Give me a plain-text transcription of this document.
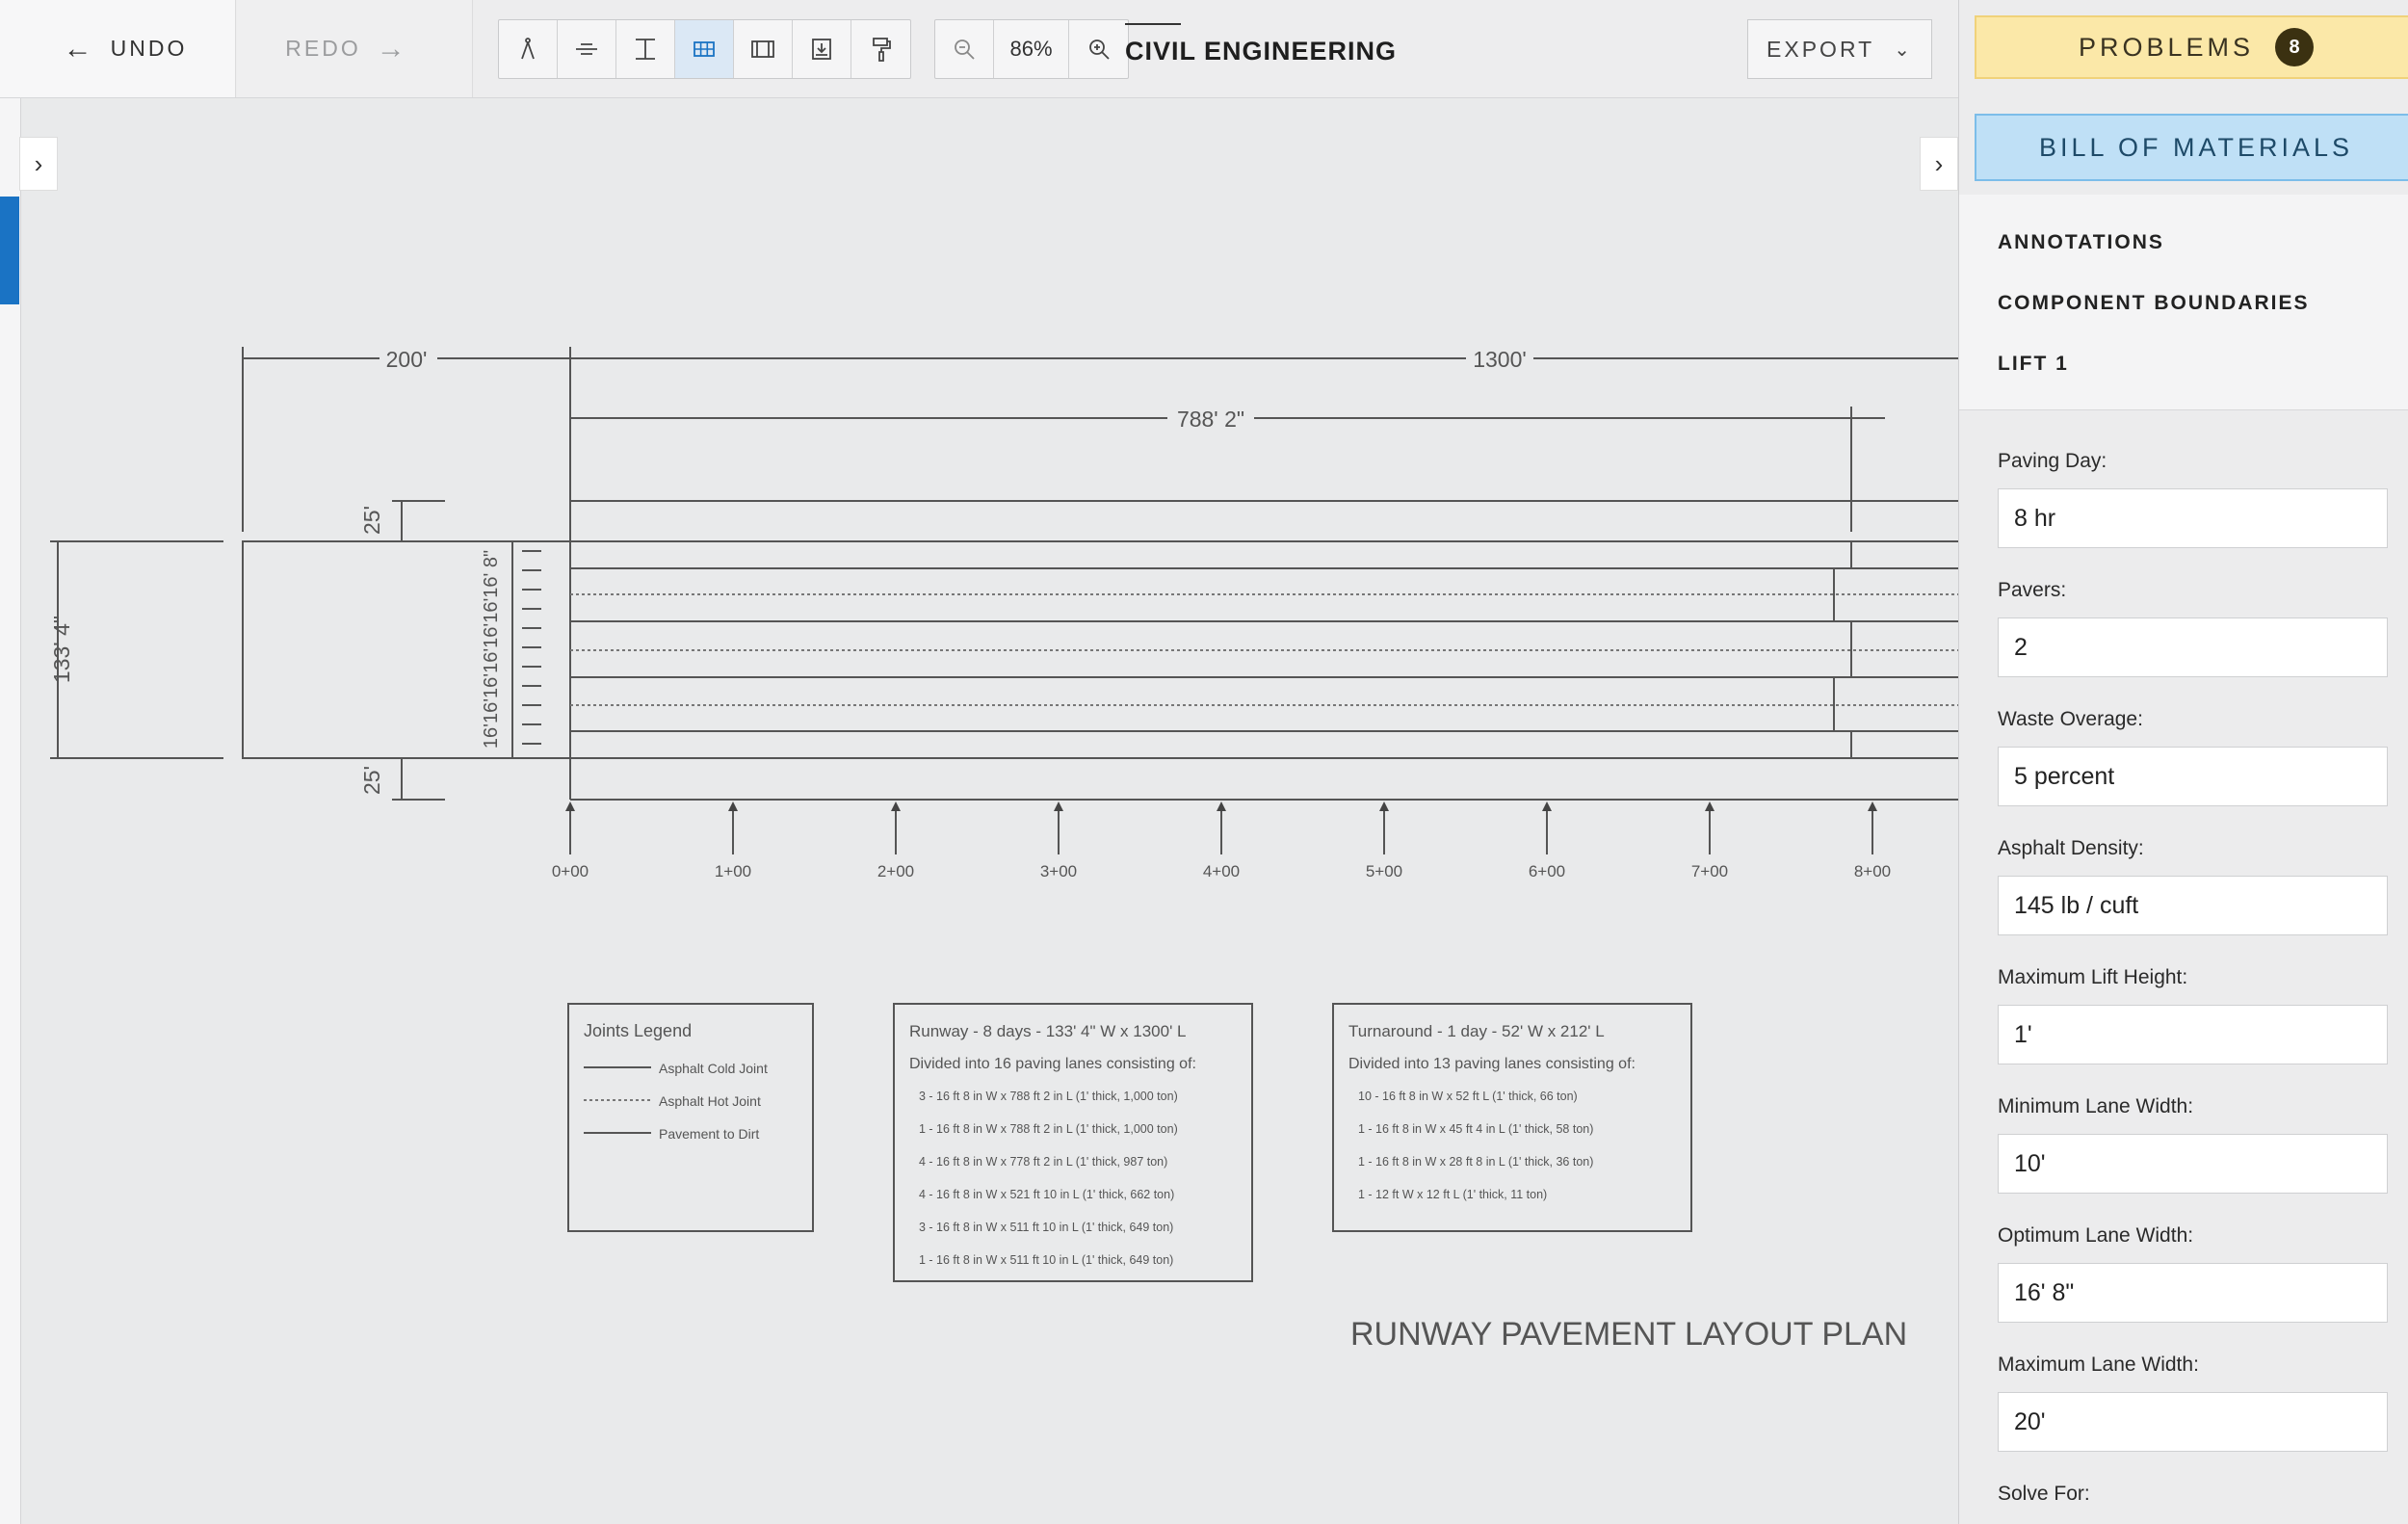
← UNDO	REDO →	86%	CIVIL ENGINEERING	EXPORT ⌄
›
200'	1300'
788' 2"
133' 4"
25'
25'
16'16'16'16'16'16'16' 8"
0+00	1+00	2+00	3+00	4+00	5+00	6+00	7+00	8+00
Joints Legend
Asphalt Cold Joint
Asphalt Hot Joint
Pavement to Dirt
Runway - 8 days - 133' 4" W x 1300' L
Divided into 16 paving lanes consisting of:
3 - 16 ft 8 in W x 788 ft 2 in L (1' thick, 1,000 ton)
1 - 16 ft 8 in W x 788 ft 2 in L (1' thick, 1,000 ton)
4 - 16 ft 8 in W x 778 ft 2 in L (1' thick, 987 ton)
4 - 16 ft 8 in W x 521 ft 10 in L (1' thick, 662 ton)
3 - 16 ft 8 in W x 511 ft 10 in L (1' thick, 649 ton)
1 - 16 ft 8 in W x 511 ft 10 in L (1' thick, 649 ton)
Turnaround - 1 day - 52' W x 212' L
Divided into 13 paving lanes consisting of:
10 - 16 ft 8 in W x 52 ft L (1' thick, 66 ton)
1 - 16 ft 8 in W x 45 ft 4 in L (1' thick, 58 ton)
1 - 16 ft 8 in W x 28 ft 8 in L (1' thick, 36 ton)
1 - 12 ft W x 12 ft L (1' thick, 11 ton)
RUNWAY PAVEMENT LAYOUT PLAN
›
PROBLEMS	8
BILL OF MATERIALS
ANNOTATIONS
COMPONENT BOUNDARIES
LIFT 1
Paving Day:
8 hr
Pavers:
2
Waste Overage:
5 percent
Asphalt Density:
145 lb / cuft
Maximum Lift Height:
1'
Minimum Lane Width:
10'
Optimum Lane Width:
16' 8"
Maximum Lane Width:
20'
Solve For:
